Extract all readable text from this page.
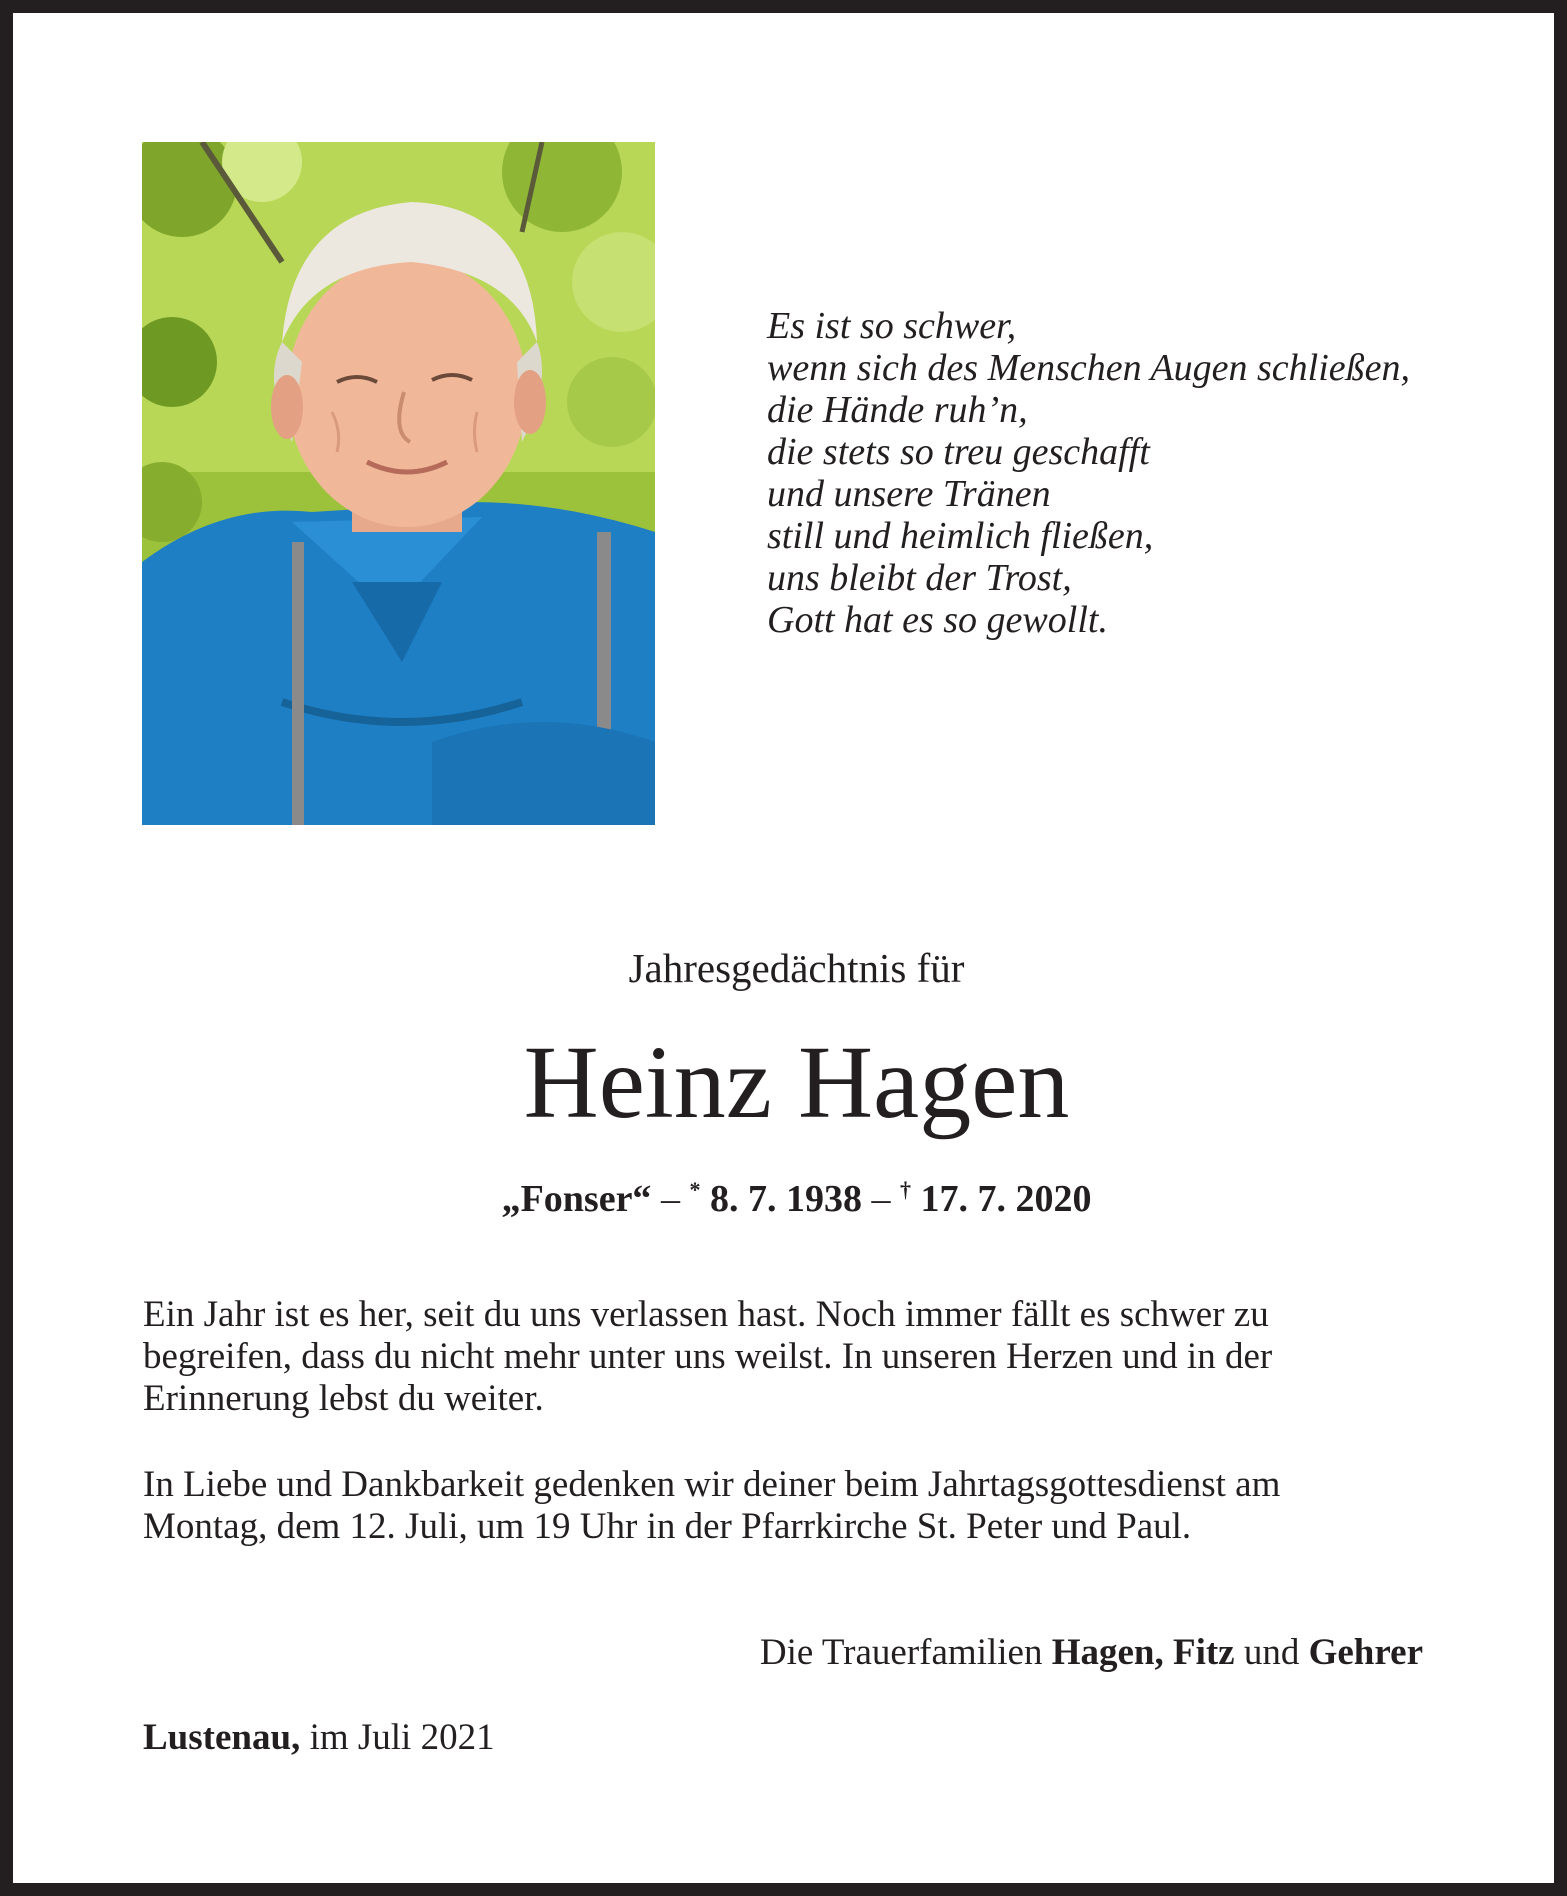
Es ist so schwer,
wenn sich des Menschen Augen schließen,
die Hände ruh’n,
die stets so treu geschafft
und unsere Tränen
still und heimlich fließen,
uns bleibt der Trost,
Gott hat es so gewollt.
Jahresgedächtnis für
Heinz Hagen
„Fonser“ – * 8. 7. 1938 – † 17. 7. 2020
Ein Jahr ist es her, seit du uns verlassen hast. Noch immer fällt es schwer zu
begreifen, dass du nicht mehr unter uns weilst. In unseren Herzen und in der
Erinnerung lebst du weiter.
In Liebe und Dankbarkeit gedenken wir deiner beim Jahrtagsgottesdienst am
Montag, dem 12. Juli, um 19 Uhr in der Pfarrkirche St. Peter und Paul.
Die Trauerfamilien Hagen, Fitz und Gehrer
Lustenau, im Juli 2021
